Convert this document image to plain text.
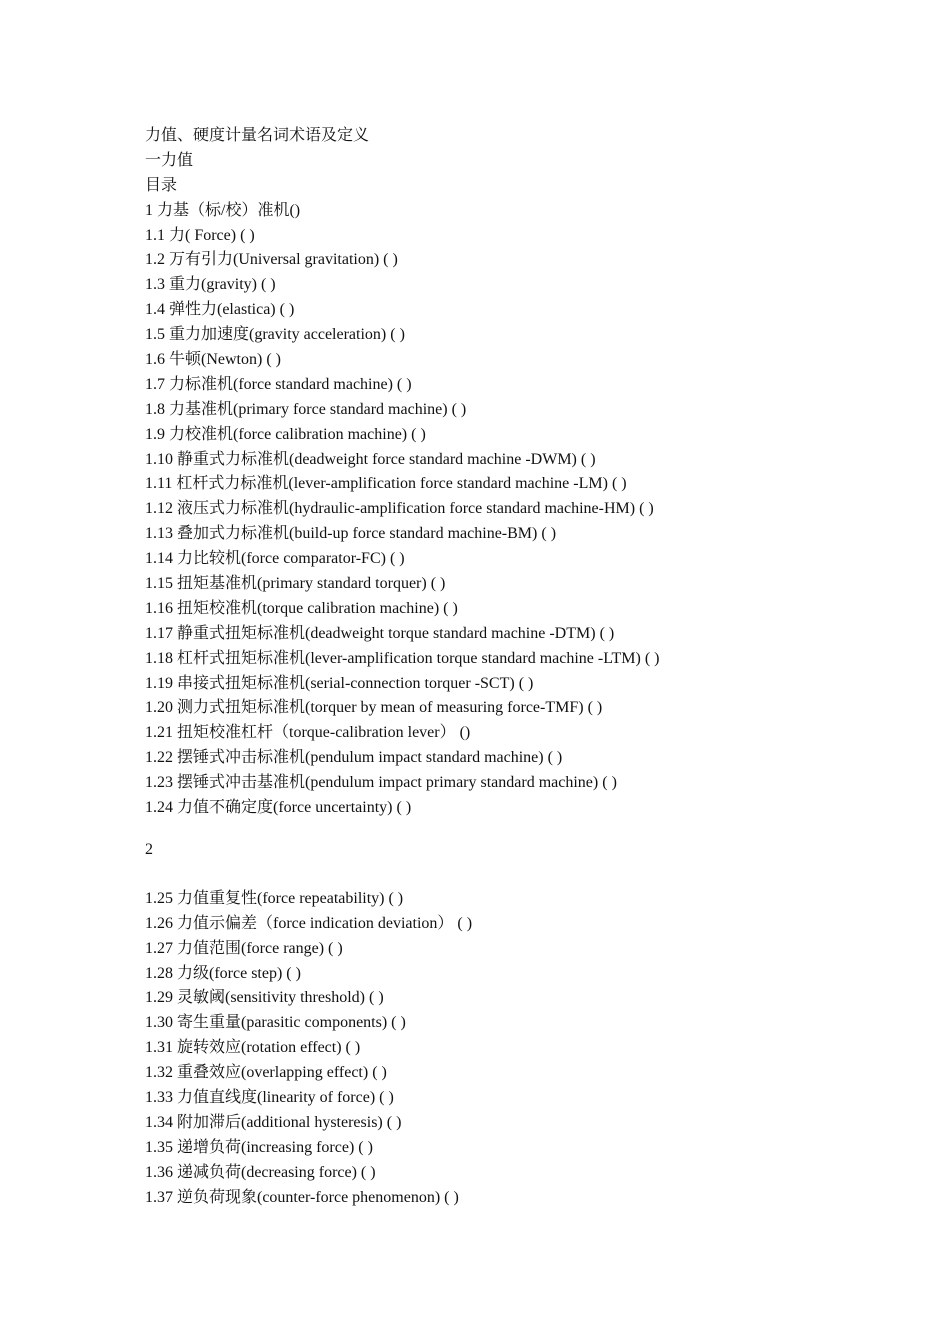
力值、硬度计量名词术语及定义
一力值
目录
1 力基（标/校）准机()
1.1 力( Force) ( )
1.2 万有引力(Universal gravitation) ( )
1.3 重力(gravity) ( )
1.4 弹性力(elastica) ( )
1.5 重力加速度(gravity acceleration) ( )
1.6 牛顿(Newton) ( )
1.7 力标准机(force standard machine) ( )
1.8 力基准机(primary force standard machine) ( )
1.9 力校准机(force calibration machine) ( )
1.10 静重式力标准机(deadweight force standard machine -DWM) ( )
1.11 杠杆式力标准机(lever-amplification force standard machine -LM) ( )
1.12 液压式力标准机(hydraulic-amplification force standard machine-HM) ( )
1.13 叠加式力标准机(build-up force standard machine-BM) ( )
1.14 力比较机(force comparator-FC) ( )
1.15 扭矩基准机(primary standard torquer) ( )
1.16 扭矩校准机(torque calibration machine) ( )
1.17 静重式扭矩标准机(deadweight torque standard machine -DTM) ( )
1.18 杠杆式扭矩标准机(lever-amplification torque standard machine -LTM) ( )
1.19 串接式扭矩标准机(serial-connection torquer -SCT) ( )
1.20 测力式扭矩标准机(torquer by mean of measuring force-TMF) ( )
1.21 扭矩校准杠杆（torque-calibration lever） ()
1.22 摆锤式冲击标准机(pendulum impact standard machine) ( )
1.23 摆锤式冲击基准机(pendulum impact primary standard machine) ( )
1.24 力值不确定度(force uncertainty) ( )
2
1.25 力值重复性(force repeatability) ( )
1.26 力值示偏差（force indication deviation） ( )
1.27 力值范围(force range) ( )
1.28 力级(force step) ( )
1.29 灵敏阈(sensitivity threshold) ( )
1.30 寄生重量(parasitic components) ( )
1.31 旋转效应(rotation effect) ( )
1.32 重叠效应(overlapping effect) ( )
1.33 力值直线度(linearity of force) ( )
1.34 附加滞后(additional hysteresis) ( )
1.35 递增负荷(increasing force) ( )
1.36 递减负荷(decreasing force) ( )
1.37 逆负荷现象(counter-force phenomenon) ( )
